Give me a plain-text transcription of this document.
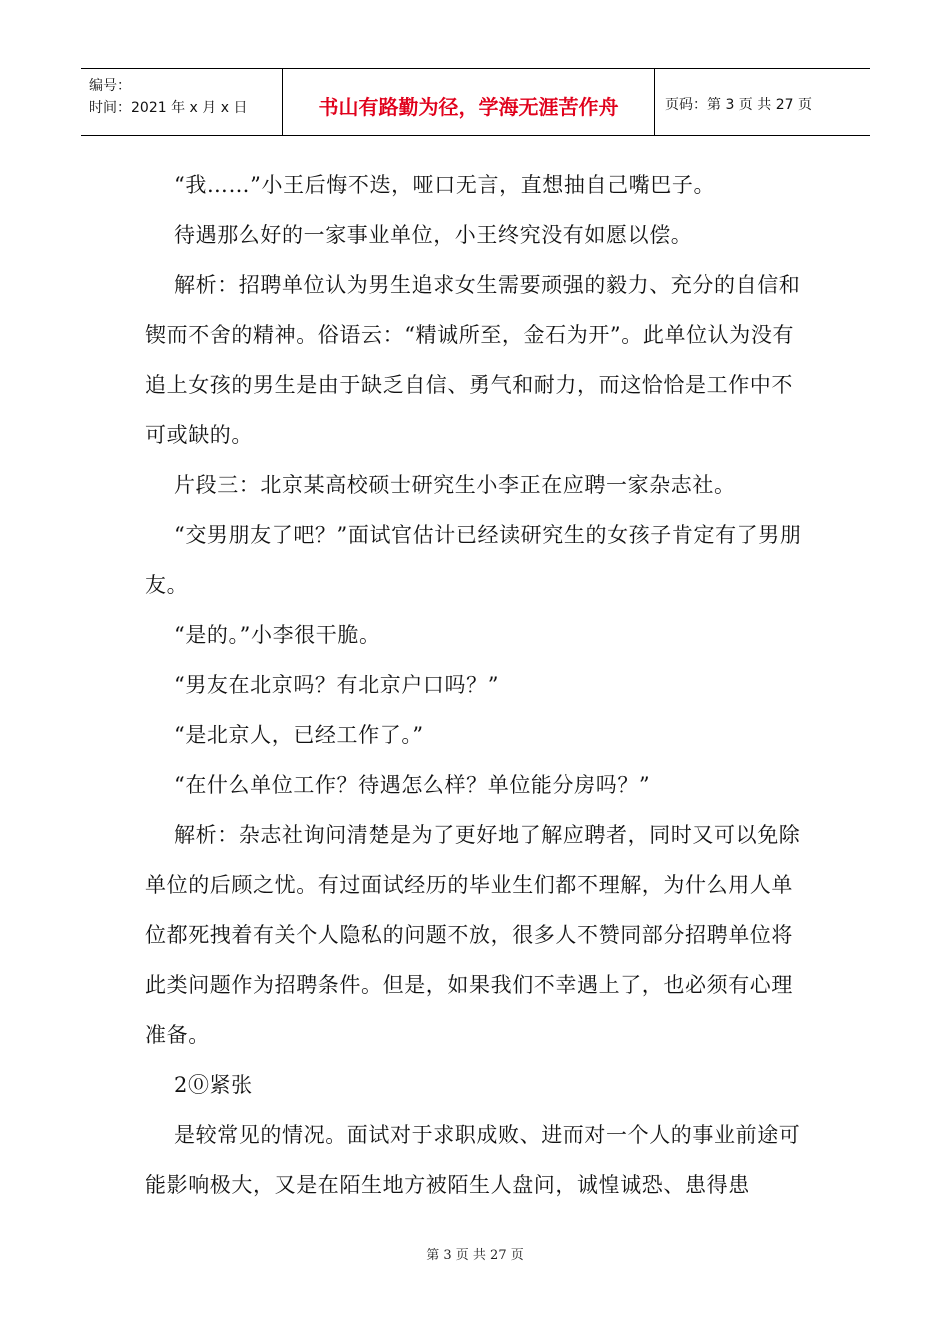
编号：
时间：2021 年 x 月 x 日	书山有路勤为径，学海无涯苦作舟	页码：第 3 页 共 27 页

“我……”小王后悔不迭，哑口无言，直想抽自己嘴巴子。

待遇那么好的一家事业单位，小王终究没有如愿以偿。

解析：招聘单位认为男生追求女生需要顽强的毅力、充分的自信和锲而不舍的精神。俗语云：“精诚所至，金石为开”。此单位认为没有追上女孩的男生是由于缺乏自信、勇气和耐力，而这恰恰是工作中不可或缺的。

片段三：北京某高校硕士研究生小李正在应聘一家杂志社。

“交男朋友了吧？”面试官估计已经读研究生的女孩子肯定有了男朋友。

“是的。”小李很干脆。

“男友在北京吗？有北京户口吗？”

“是北京人，已经工作了。”

“在什么单位工作？待遇怎么样？单位能分房吗？”

解析：杂志社询问清楚是为了更好地了解应聘者，同时又可以免除单位的后顾之忧。有过面试经历的毕业生们都不理解，为什么用人单位都死拽着有关个人隐私的问题不放，很多人不赞同部分招聘单位将此类问题作为招聘条件。但是，如果我们不幸遇上了，也必须有心理准备。

2⓪紧张

是较常见的情况。面试对于求职成败、进而对一个人的事业前途可能影响极大，又是在陌生地方被陌生人盘问，诚惶诚恐、患得患

第 3 页 共 27 页
